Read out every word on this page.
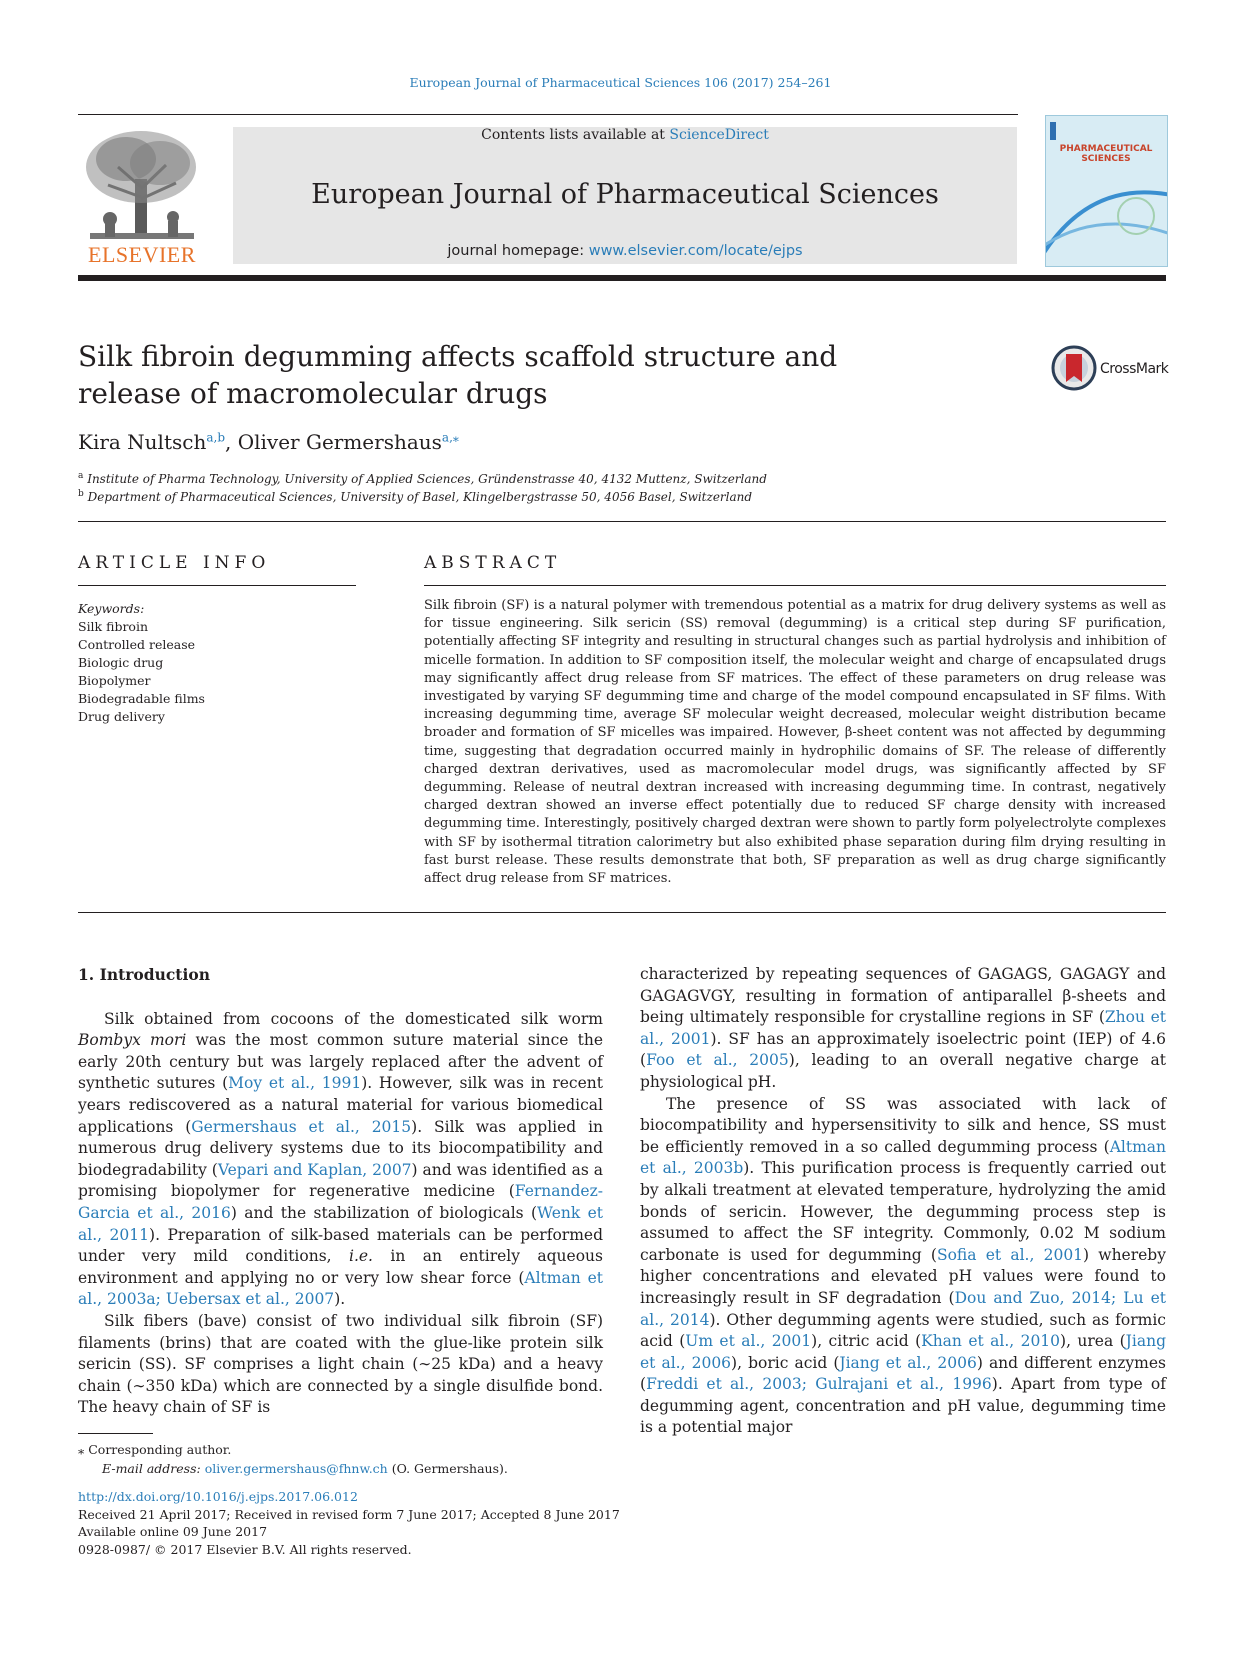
European Journal of Pharmaceutical Sciences 106 (2017) 254–261
ELSEVIER
Contents lists available at ScienceDirect
European Journal of Pharmaceutical Sciences
journal homepage: www.elsevier.com/locate/ejps
PHARMACEUTICAL SCIENCES
Silk fibroin degumming affects scaffold structure and release of macromolecular drugs
CrossMark
Kira Nultsch$^{a,b}$, Oliver Germershaus$^{a,⁎}$
$^a$ Institute of Pharma Technology, University of Applied Sciences, Gründenstrasse 40, 4132 Muttenz, Switzerland
$^b$ Department of Pharmaceutical Sciences, University of Basel, Klingelbergstrasse 50, 4056 Basel, Switzerland
ARTICLE INFO	ABSTRACT
Keywords:
Silk fibroin
Controlled release
Biologic drug
Biopolymer
Biodegradable films
Drug delivery
Silk fibroin (SF) is a natural polymer with tremendous potential as a matrix for drug delivery systems as well as for tissue engineering. Silk sericin (SS) removal (degumming) is a critical step during SF purification, potentially affecting SF integrity and resulting in structural changes such as partial hydrolysis and inhibition of micelle formation. In addition to SF composition itself, the molecular weight and charge of encapsulated drugs may significantly affect drug release from SF matrices. The effect of these parameters on drug release was investigated by varying SF degumming time and charge of the model compound encapsulated in SF films. With increasing degumming time, average SF molecular weight decreased, molecular weight distribution became broader and formation of SF micelles was impaired. However, β-sheet content was not affected by degumming time, suggesting that degradation occurred mainly in hydrophilic domains of SF. The release of differently charged dextran derivatives, used as macromolecular model drugs, was significantly affected by SF degumming. Release of neutral dextran increased with increasing degumming time. In contrast, negatively charged dextran showed an inverse effect potentially due to reduced SF charge density with increased degumming time. Interestingly, positively charged dextran were shown to partly form polyelectrolyte complexes with SF by isothermal titration calorimetry but also exhibited phase separation during film drying resulting in fast burst release. These results demonstrate that both, SF preparation as well as drug charge significantly affect drug release from SF matrices.

1. Introduction

Silk obtained from cocoons of the domesticated silk worm Bombyx mori was the most common suture material since the early 20th century but was largely replaced after the advent of synthetic sutures (Moy et al., 1991). However, silk was in recent years rediscovered as a natural material for various biomedical applications (Germershaus et al., 2015). Silk was applied in numerous drug delivery systems due to its biocompatibility and biodegradability (Vepari and Kaplan, 2007) and was identified as a promising biopolymer for regenerative medicine (Fernandez-Garcia et al., 2016) and the stabilization of biologicals (Wenk et al., 2011). Preparation of silk-based materials can be performed under very mild conditions, i.e. in an entirely aqueous environment and applying no or very low shear force (Altman et al., 2003a; Uebersax et al., 2007).

Silk fibers (bave) consist of two individual silk fibroin (SF) filaments (brins) that are coated with the glue-like protein silk sericin (SS). SF comprises a light chain (∼25 kDa) and a heavy chain (∼350 kDa) which are connected by a single disulfide bond. The heavy chain of SF is

characterized by repeating sequences of GAGAGS, GAGAGY and GAGAGVGY, resulting in formation of antiparallel β-sheets and being ultimately responsible for crystalline regions in SF (Zhou et al., 2001). SF has an approximately isoelectric point (IEP) of 4.6 (Foo et al., 2005), leading to an overall negative charge at physiological pH.

The presence of SS was associated with lack of biocompatibility and hypersensitivity to silk and hence, SS must be efficiently removed in a so called degumming process (Altman et al., 2003b). This purification process is frequently carried out by alkali treatment at elevated temperature, hydrolyzing the amid bonds of sericin. However, the degumming process step is assumed to affect the SF integrity. Commonly, 0.02 M sodium carbonate is used for degumming (Sofia et al., 2001) whereby higher concentrations and elevated pH values were found to increasingly result in SF degradation (Dou and Zuo, 2014; Lu et al., 2014). Other degumming agents were studied, such as formic acid (Um et al., 2001), citric acid (Khan et al., 2010), urea (Jiang et al., 2006), boric acid (Jiang et al., 2006) and different enzymes (Freddi et al., 2003; Gulrajani et al., 1996). Apart from type of degumming agent, concentration and pH value, degumming time is a potential major

⁎ Corresponding author.
E-mail address: oliver.germershaus@fhnw.ch (O. Germershaus).
http://dx.doi.org/10.1016/j.ejps.2017.06.012
Received 21 April 2017; Received in revised form 7 June 2017; Accepted 8 June 2017
Available online 09 June 2017
0928-0987/ © 2017 Elsevier B.V. All rights reserved.
